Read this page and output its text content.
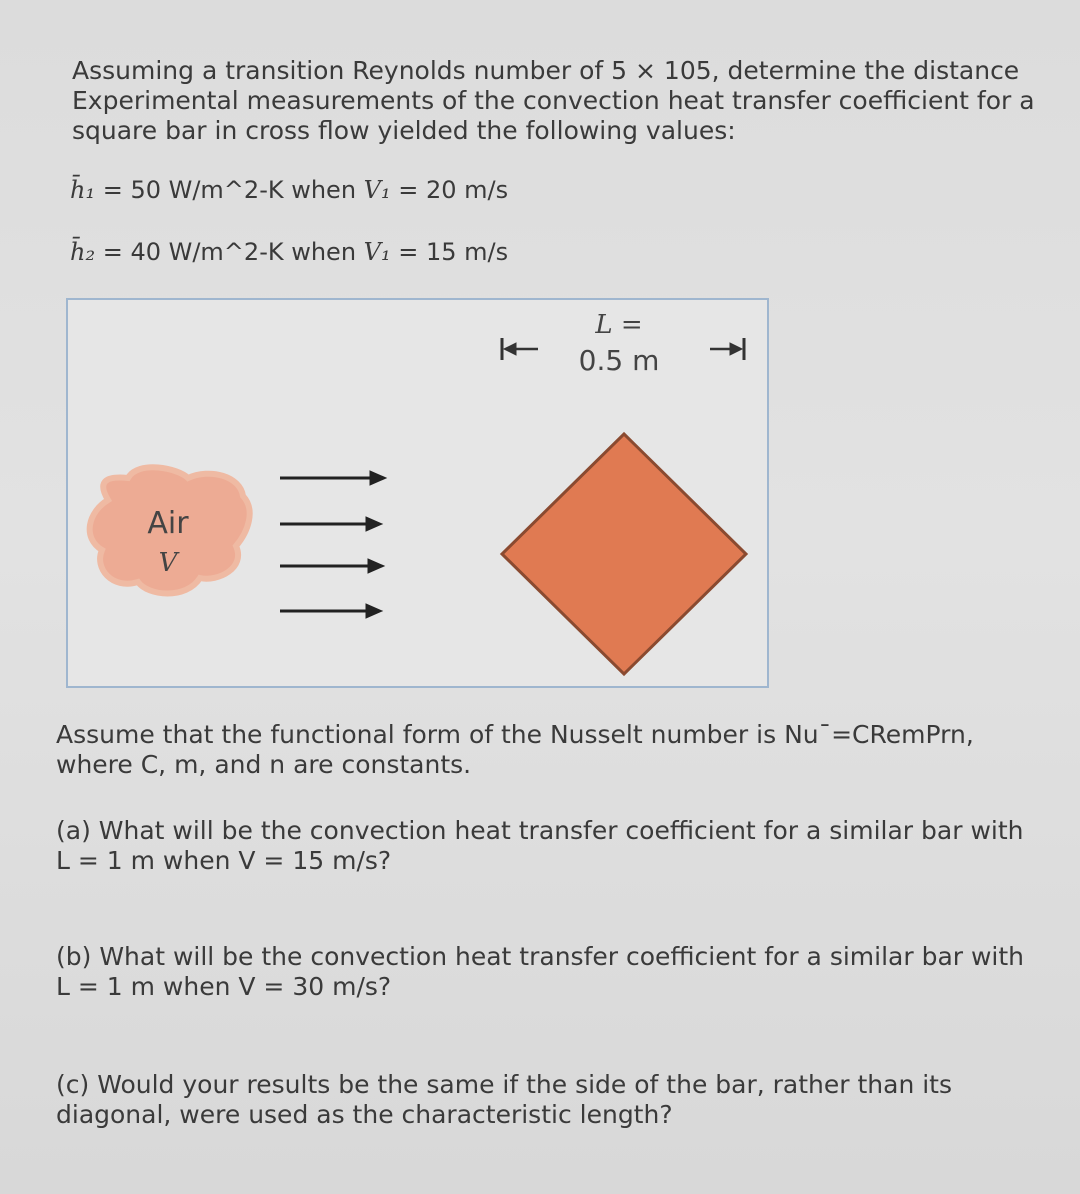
Assuming a transition Reynolds number of 5 × 105, determine the distance
Experimental measurements of the convection heat transfer coefficient for a
square bar in cross flow yielded the following values:
h̄₁ = 50 W/m^2-K when V₁ = 20 m/s
h̄₂ = 40 W/m^2-K when V₁ = 15 m/s
L =
0.5 m
Air
V
Assume that the functional form of the Nusselt number is Nu¯=CRemPrn,
where C, m, and n are constants.
(a) What will be the convection heat transfer coefficient for a similar bar with
L = 1 m when V = 15 m/s?
(b) What will be the convection heat transfer coefficient for a similar bar with
L = 1 m when V = 30 m/s?
(c) Would your results be the same if the side of the bar, rather than its
diagonal, were used as the characteristic length?
